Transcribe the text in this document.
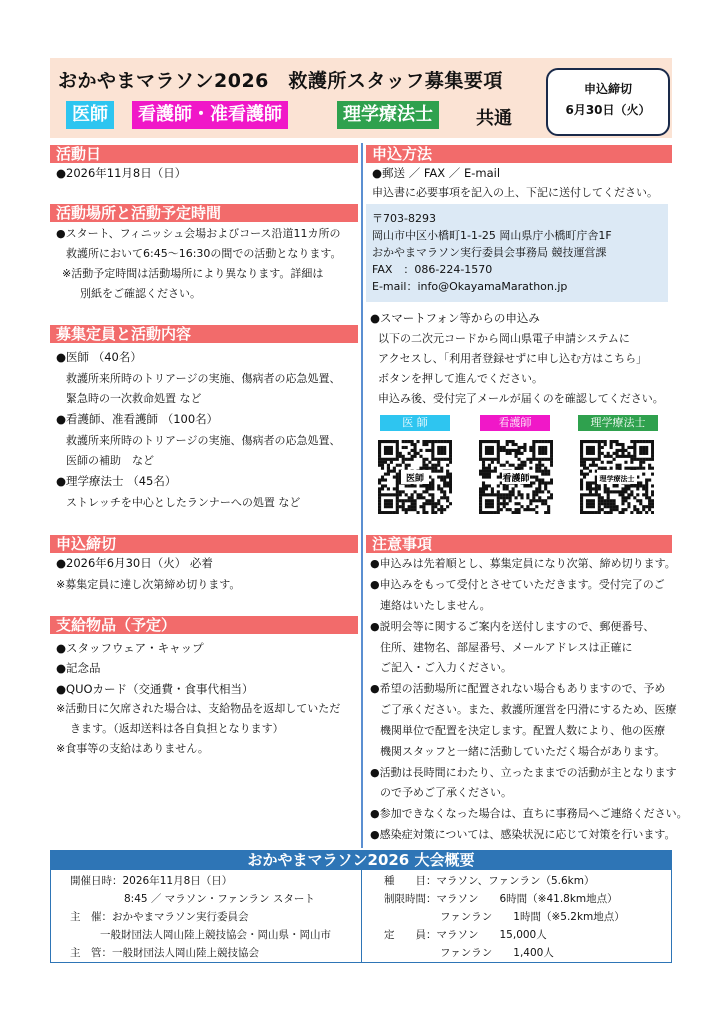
おかやまマラソン2026　救護所スタッフ募集要項
医師	看護師・准看護師	理学療法士	共通
申込締切
6月30日（火）
活動日
●2026年11月8日（日）
活動場所と活動予定時間
●スタート、フィニッシュ会場およびコース沿道11カ所の
救護所において6:45〜16:30の間での活動となります。
※活動予定時間は活動場所により異なります。詳細は
別紙をご確認ください。
募集定員と活動内容
●医師 （40名）
救護所来所時のトリアージの実施、傷病者の応急処置、
緊急時の一次救命処置 など
●看護師、准看護師 （100名）
救護所来所時のトリアージの実施、傷病者の応急処置、
医師の補助　など
●理学療法士 （45名）
ストレッチを中心としたランナーへの処置 など
申込締切
●2026年6月30日（火） 必着
※募集定員に達し次第締め切ります。
支給物品（予定）
●スタッフウェア・キャップ
●記念品
●QUOカード（交通費・食事代相当）
※活動日に欠席された場合は、支給物品を返却していただ
きます。（返却送料は各自負担となります）
※食事等の支給はありません。
申込方法
●郵送 ／ FAX ／ E-mail
申込書に必要事項を記入の上、下記に送付してください。
〒703-8293
岡山市中区小橋町1-1-25 岡山県庁小橋町庁舎1F
おかやまマラソン実行委員会事務局 競技運営課
FAX　：086-224-1570
E-mail：info@OkayamaMarathon.jp
●スマートフォン等からの申込み
以下の二次元コードから岡山県電子申請システムに
アクセスし、「利用者登録せずに申し込む方はこちら」
ボタンを押して進んでください。
申込み後、受付完了メールが届くのを確認してください。
医 師	看護師	理学療法士
医師	看護師	理学療法士
注意事項
●申込みは先着順とし、募集定員になり次第、締め切ります。
●申込みをもって受付とさせていただきます。受付完了のご
連絡はいたしません。
●説明会等に関するご案内を送付しますので、郵便番号、
住所、建物名、部屋番号、メールアドレスは正確に
ご記入・ご入力ください。
●希望の活動場所に配置されない場合もありますので、予め
ご了承ください。また、救護所運営を円滑にするため、医療
機関単位で配置を決定します。配置人数により、他の医療
機関スタッフと一緒に活動していただく場合があります。
●活動は長時間にわたり、立ったままでの活動が主となります
ので予めご了承ください。
●参加できなくなった場合は、直ちに事務局へご連絡ください。
●感染症対策については、感染状況に応じて対策を行います。
おかやまマラソン2026 大会概要
開催日時：2026年11月8日（日）
8:45 ／ マラソン・ファンラン スタート
主　催：おかやまマラソン実行委員会
一般財団法人岡山陸上競技協会・岡山県・岡山市
主　管：一般財団法人岡山陸上競技協会
種　　目：マラソン、ファンラン（5.6km）
制限時間：マラソン　　6時間（※41.8km地点）
ファンラン　　1時間（※5.2km地点）
定　　員：マラソン　　15,000人
ファンラン　　1,400人
